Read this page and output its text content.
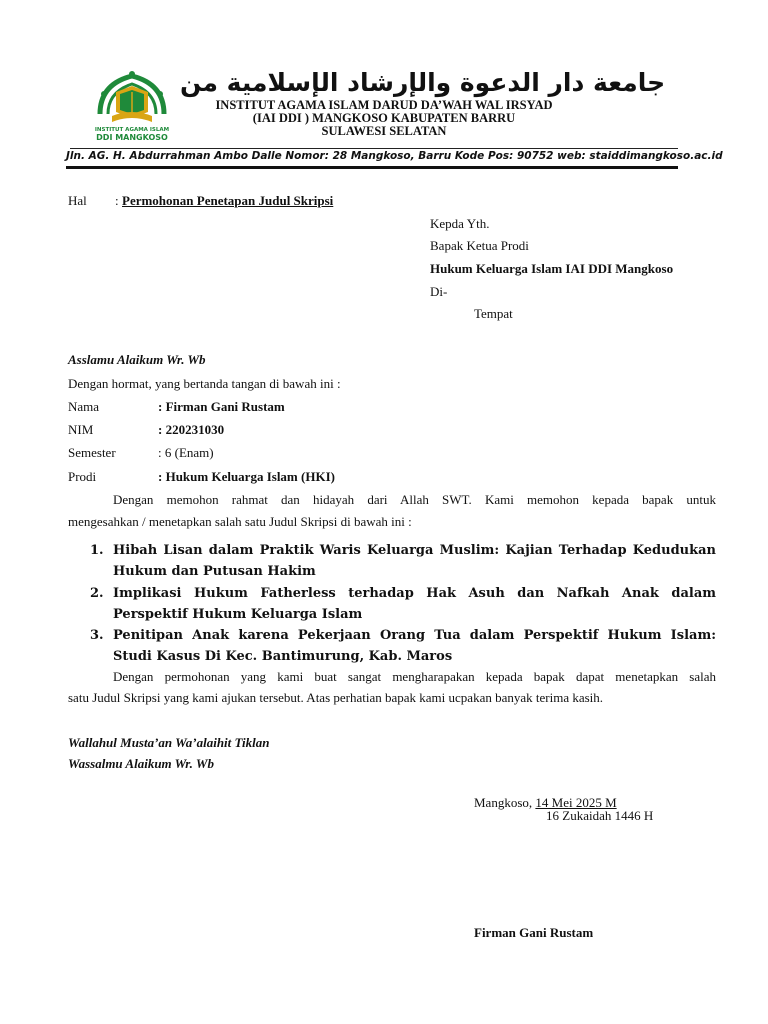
INSTITUT AGAMA ISLAM
DDI MANGKOSO
جامعة دار الدعوة والإرشاد الإسلامية من
INSTITUT AGAMA ISLAM DARUD DA’WAH WAL IRSYAD
(IAI DDI ) MANGKOSO KABUPATEN BARRU
SULAWESI SELATAN
Jln. AG. H. Abdurrahman Ambo Dalle Nomor: 28 Mangkoso, Barru Kode Pos: 90752 web: staiddimangkoso.ac.id
Hal : Permohonan Penetapan Judul Skripsi
Kepda Yth.
Bapak Ketua Prodi
Hukum Keluarga Islam IAI DDI Mangkoso
Di-
Tempat
Asslamu Alaikum Wr. Wb
Dengan hormat, yang bertanda tangan di bawah ini :
Nama	: Firman Gani Rustam
NIM	: 220231030
Semester	: 6 (Enam)
Prodi	: Hukum Keluarga Islam (HKI)
Dengan memohon rahmat dan hidayah dari Allah SWT. Kami memohon kepada bapak untuk
mengesahkan / menetapkan salah satu Judul Skripsi di bawah ini :
1. Hibah Lisan dalam Praktik Waris Keluarga Muslim: Kajian Terhadap Kedudukan Hukum dan Putusan Hakim
2. Implikasi Hukum Fatherless terhadap Hak Asuh dan Nafkah Anak dalam Perspektif Hukum Keluarga Islam
3. Penitipan Anak karena Pekerjaan Orang Tua dalam Perspektif Hukum Islam: Studi Kasus Di Kec. Bantimurung, Kab. Maros
Dengan permohonan yang kami buat sangat mengharapakan kepada bapak dapat menetapkan salah
satu Judul Skripsi yang kami ajukan tersebut. Atas perhatian bapak kami ucpakan banyak terima kasih.
Wallahul Musta’an Wa’alaihit Tiklan
Wassalmu Alaikum Wr. Wb
Mangkoso, 14 Mei 2025 M
16 Zukaidah 1446 H
Firman Gani Rustam
